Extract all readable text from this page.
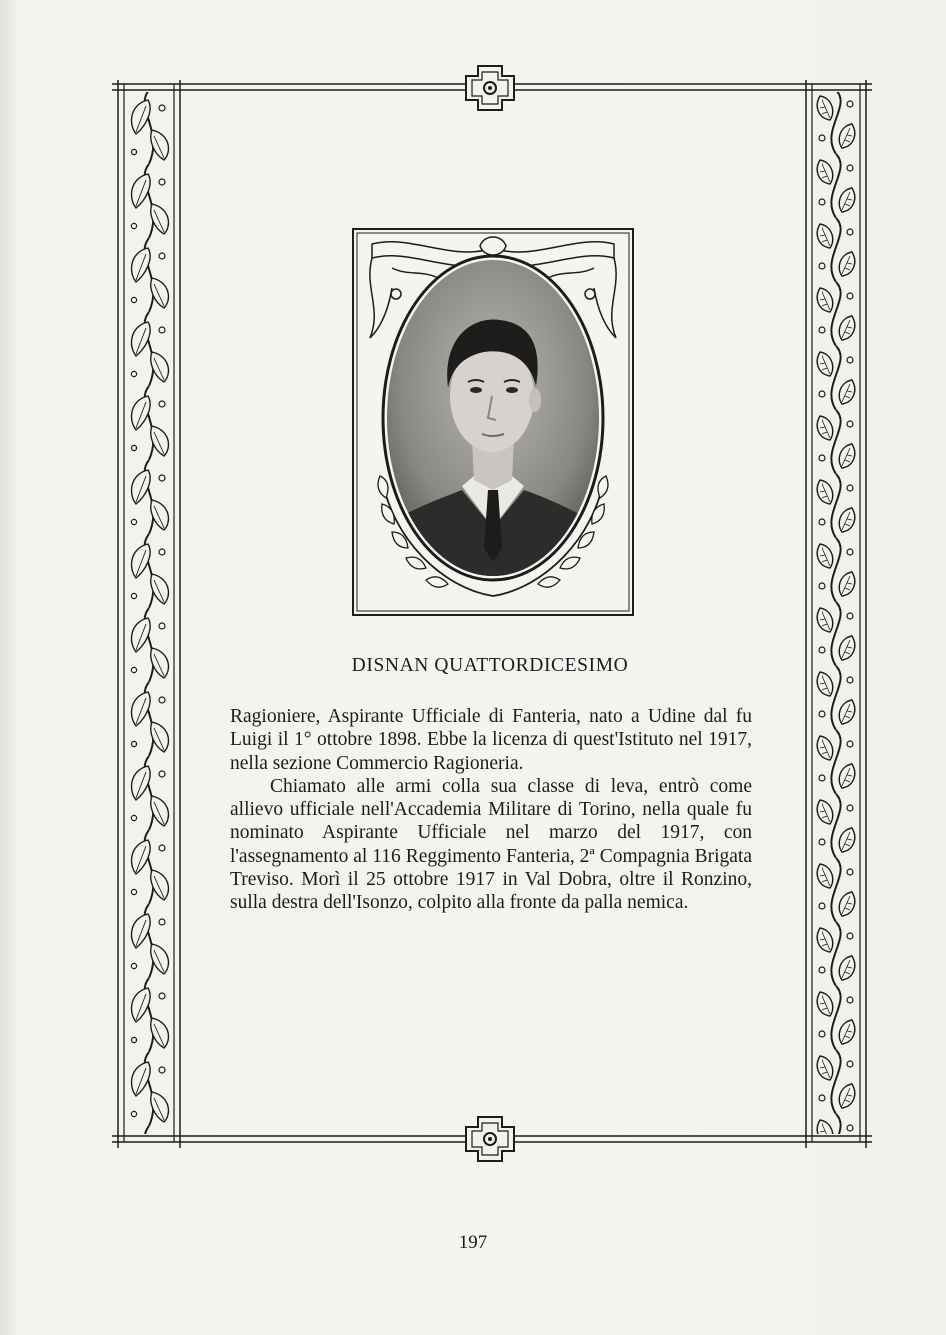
DISNAN QUATTORDICESIMO

Ragioniere, Aspirante Ufficiale di Fanteria, nato a Udine dal fu Luigi il 1° ottobre 1898. Ebbe la licenza di quest'Istituto nel 1917, nella sezione Commercio Ragioneria.

Chiamato alle armi colla sua classe di leva, entrò come allievo ufficiale nell'Accademia Militare di Torino, nella quale fu nominato Aspirante Ufficiale nel marzo del 1917, con l'assegnamento al 116 Reggimento Fanteria, 2ª Compagnia Brigata Treviso. Morì il 25 ottobre 1917 in Val Dobra, oltre il Ronzino, sulla destra dell'Isonzo, colpito alla fronte da palla nemica.

197
